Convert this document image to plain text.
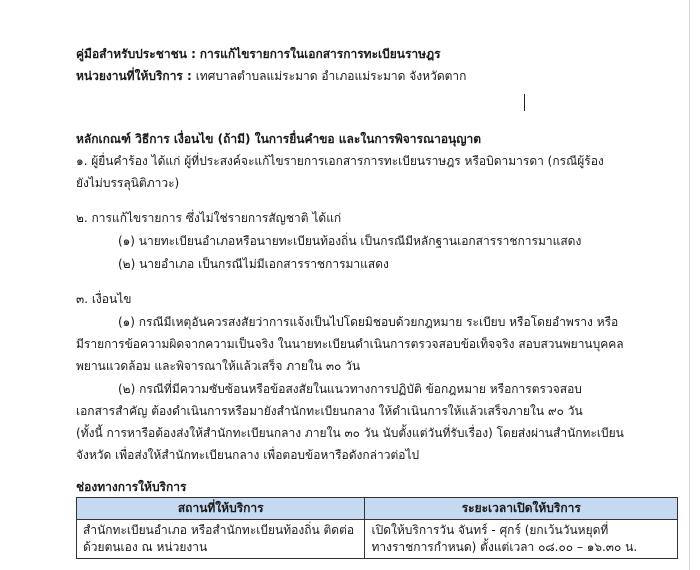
คู่มือสำหรับประชาชน : การแก้ไขรายการในเอกสารการทะเบียนราษฎร
หน่วยงานที่ให้บริการ : เทศบาลตำบลแม่ระมาด อำเภอแม่ระมาด จังหวัดตาก
หลักเกณฑ์ วิธีการ เงื่อนไข (ถ้ามี) ในการยื่นคำขอ และในการพิจารณาอนุญาต
๑. ผู้ยื่นคำร้อง ได้แก่ ผู้ที่ประสงค์จะแก้ไขรายการเอกสารการทะเบียนราษฎร หรือบิดามารดา (กรณีผู้ร้อง
ยังไม่บรรลุนิติภาวะ)
๒. การแก้ไขรายการ ซึ่งไม่ใช่รายการสัญชาติ ได้แก่
(๑) นายทะเบียนอำเภอหรือนายทะเบียนท้องถิ่น เป็นกรณีมีหลักฐานเอกสารราชการมาแสดง
(๒) นายอำเภอ เป็นกรณีไม่มีเอกสารราชการมาแสดง
๓. เงื่อนไข
(๑) กรณีมีเหตุอันควรสงสัยว่าการแจ้งเป็นไปโดยมิชอบด้วยกฎหมาย ระเบียบ หรือโดยอำพราง หรือ
มีรายการข้อความผิดจากความเป็นจริง ในนายทะเบียนดำเนินการตรวจสอบข้อเท็จจริง สอบสวนพยานบุคคล
พยานแวดล้อม และพิจารณาให้แล้วเสร็จ ภายใน ๓๐ วัน
(๒) กรณีที่มีความซับซ้อนหรือข้อสงสัยในแนวทางการปฏิบัติ ข้อกฎหมาย หรือการตรวจสอบ
เอกสารสำคัญ ต้องดำเนินการหรือมายังสำนักทะเบียนกลาง ให้ดำเนินการให้แล้วเสร็จภายใน ๙๐ วัน
(ทั้งนี้ การหารือต้องส่งให้สำนักทะเบียนกลาง ภายใน ๓๐ วัน นับตั้งแต่วันที่รับเรื่อง) โดยส่งผ่านสำนักทะเบียน
จังหวัด เพื่อส่งให้สำนักทะเบียนกลาง เพื่อตอบข้อหารือดังกล่าวต่อไป
ช่องทางการให้บริการ
สถานที่ให้บริการ	ระยะเวลาเปิดให้บริการ

สำนักทะเบียนอำเภอ หรือสำนักทะเบียนท้องถิ่น ติดต่อ
ด้วยตนเอง ณ หน่วยงาน	เปิดให้บริการวัน จันทร์ - ศุกร์ (ยกเว้นวันหยุดที่
ทางราชการกำหนด) ตั้งแต่เวลา ๐๘.๐๐ – ๑๖.๓๐ น.
